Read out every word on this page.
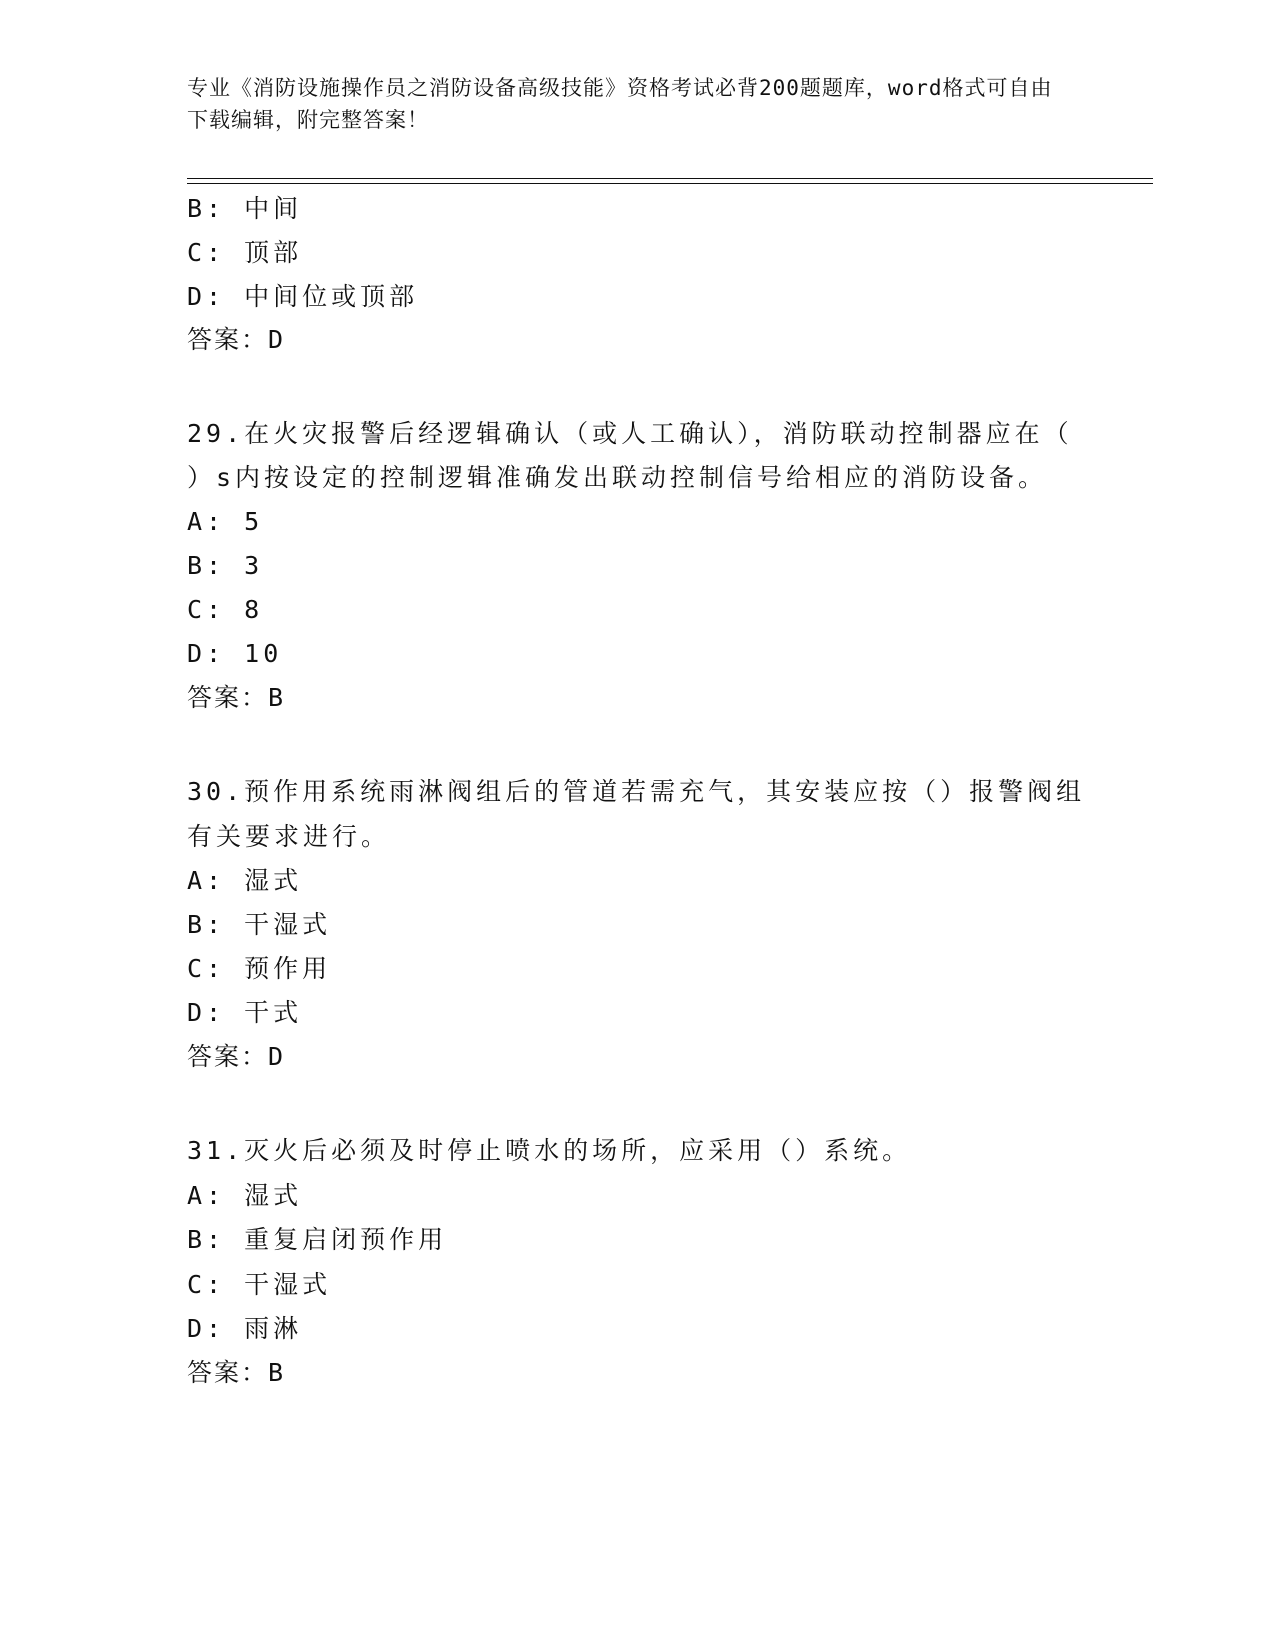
专业《消防设施操作员之消防设备高级技能》资格考试必背200题题库，word格式可自由下载编辑，附完整答案！
B: 中间
C: 顶部
D: 中间位或顶部
答案：D
29.在火灾报警后经逻辑确认（或人工确认），消防联动控制器应在（
）s内按设定的控制逻辑准确发出联动控制信号给相应的消防设备。
A: 5
B: 3
C: 8
D: 10
答案：B
30.预作用系统雨淋阀组后的管道若需充气，其安装应按（）报警阀组
有关要求进行。
A: 湿式
B: 干湿式
C: 预作用
D: 干式
答案：D
31.灭火后必须及时停止喷水的场所，应采用（）系统。
A: 湿式
B: 重复启闭预作用
C: 干湿式
D: 雨淋
答案：B
